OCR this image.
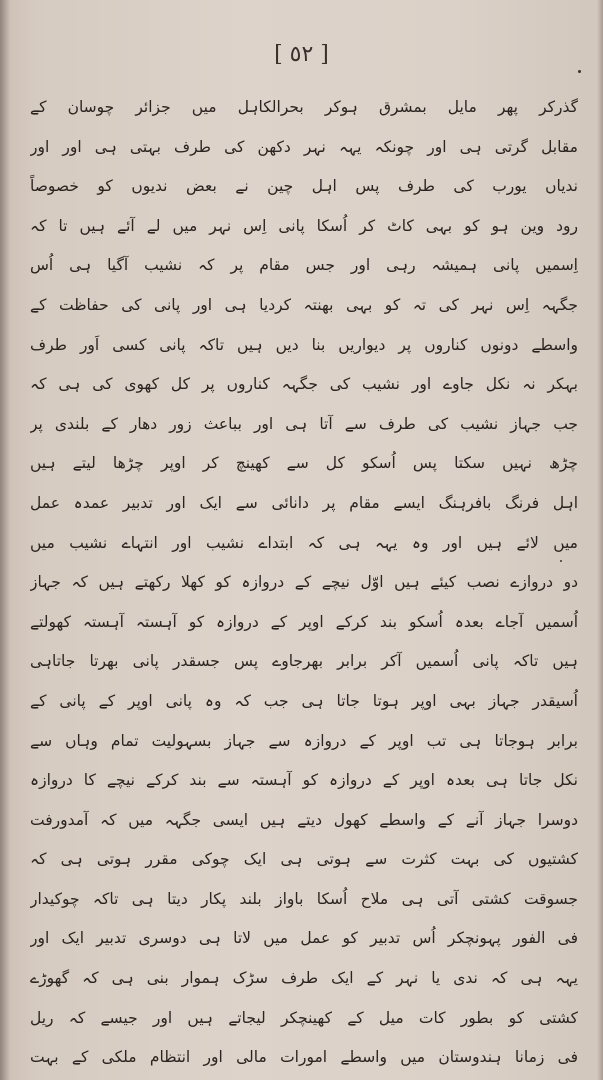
[ ٥٢ ]
گذرکر پھر مایل بمشرق ہوکر بحرالکاہل میں جزائر چوسان کے
مقابل گرتی ہی اور چونکہ یہہ نہر دکھن کی طرف بہتی ہی اور اور
ندیاں یورب کی طرف پس اہل چین نے بعض ندیوں کو خصوصاً
رود وین ہو کو بہی کاٹ کر اُسکا پانی اِس نہر میں لے آئے ہیں تا کہ
اِسمیں پانی ہمیشہ رہی اور جس مقام پر کہ نشیب آگیا ہی اُس
جگہہ اِس نہر کی تہ کو بہی بھنتہ کردیا ہی اور پانی کی حفاظت کے
واسطے دونوں کناروں پر دیواریں بنا دیں ہیں تاکہ پانی کسی اَور طرف
بہکر نہ نکل جاوے اور نشیب کی جگہہ کناروں پر کل کھوی کی ہی کہ
جب جہاز نشیب کی طرف سے آتا ہی اور بباعث زور دھار کے بلندی پر
چڑھ نہیں سکتا پس اُسکو کل سے کھینچ کر اوپر چڑھا لیتے ہیں
اہل فرنگ بافرہنگ ایسے مقام پر دانائی سے ایک اور تدبیر عمدہ عمل
میں لائے ہیں اور وہ یہہ ہی کہ ابتداے نشیب اور انتہاے نشیب میں
دو دروازے نصب کیئے ہیں اوّل نیچے کے دروازہ کو کھلا رکھتے ہیں کہ جہاز
اُسمیں آجاے بعدہ اُسکو بند کرکے اوپر کے دروازہ کو آہستہ آہستہ کھولتے
ہیں تاکہ پانی اُسمیں آکر برابر بھرجاوے پس جسقدر پانی بھرتا جاتاہی
اُسیقدر جہاز بہی اوپر ہوتا جاتا ہی جب کہ وہ پانی اوپر کے پانی کے
برابر ہوجاتا ہی تب اوپر کے دروازہ سے جہاز بسہولیت تمام وہاں سے
نکل جاتا ہی بعدہ اوپر کے دروازہ کو آہستہ سے بند کرکے نیچے کا دروازہ
دوسرا جہاز آنے کے واسطے کھول دیتے ہیں ایسی جگہہ میں کہ آمدورفت
کشتیوں کی بہت کثرت سے ہوتی ہی ایک چوکی مقرر ہوتی ہی کہ
جسوقت کشتی آتی ہی ملاح اُسکا باواز بلند پکار دیتا ہی تاکہ چوکیدار
فی الفور پہونچکر اُس تدبیر کو عمل میں لاتا ہی دوسری تدبیر ایک اور
یہہ ہی کہ ندی یا نہر کے ایک طرف سڑک ہموار بنی ہی کہ گھوڑے
کشتی کو بطور کات میل کے کھینچکر لیجاتے ہیں اور جیسے کہ ریل
فی زمانا ہندوستان میں واسطے امورات مالی اور انتظام ملکی کے بہت
